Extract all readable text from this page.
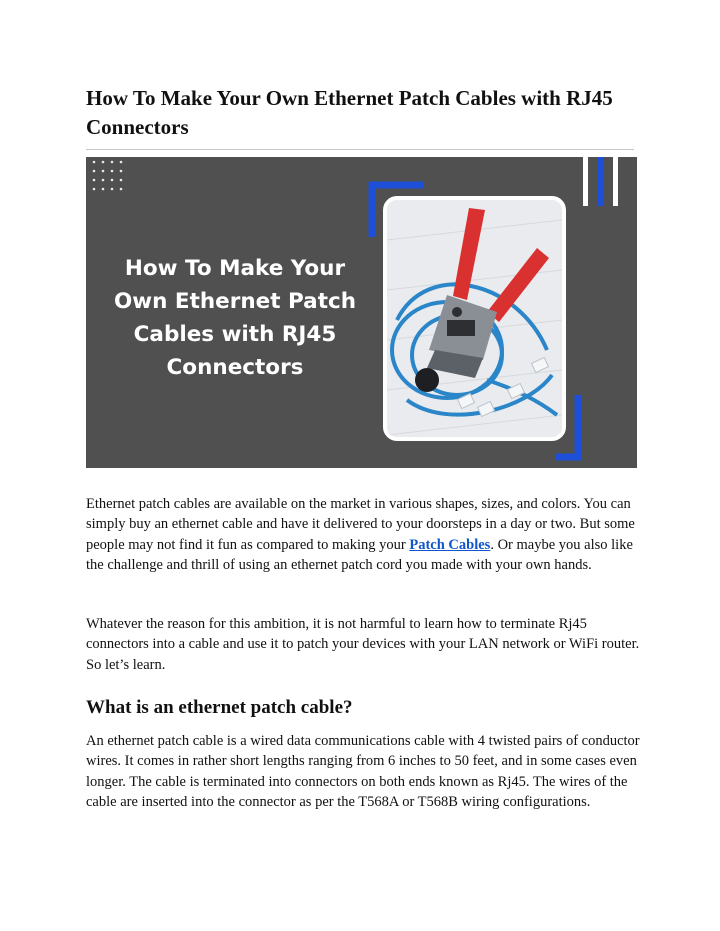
How To Make Your Own Ethernet Patch Cables with RJ45 Connectors

How To Make Your Own Ethernet Patch Cables with RJ45 Connectors

Ethernet patch cables are available on the market in various shapes, sizes, and colors. You can simply buy an ethernet cable and have it delivered to your doorsteps in a day or two. But some people may not find it fun as compared to making your Patch Cables. Or maybe you also like the challenge and thrill of using an ethernet patch cord you made with your own hands.

Whatever the reason for this ambition, it is not harmful to learn how to terminate Rj45 connectors into a cable and use it to patch your devices with your LAN network or WiFi router. So let’s learn.

What is an ethernet patch cable?

An ethernet patch cable is a wired data communications cable with 4 twisted pairs of conductor wires. It comes in rather short lengths ranging from 6 inches to 50 feet, and in some cases even longer. The cable is terminated into connectors on both ends known as Rj45. The wires of the cable are inserted into the connector as per the T568A or T568B wiring configurations.
